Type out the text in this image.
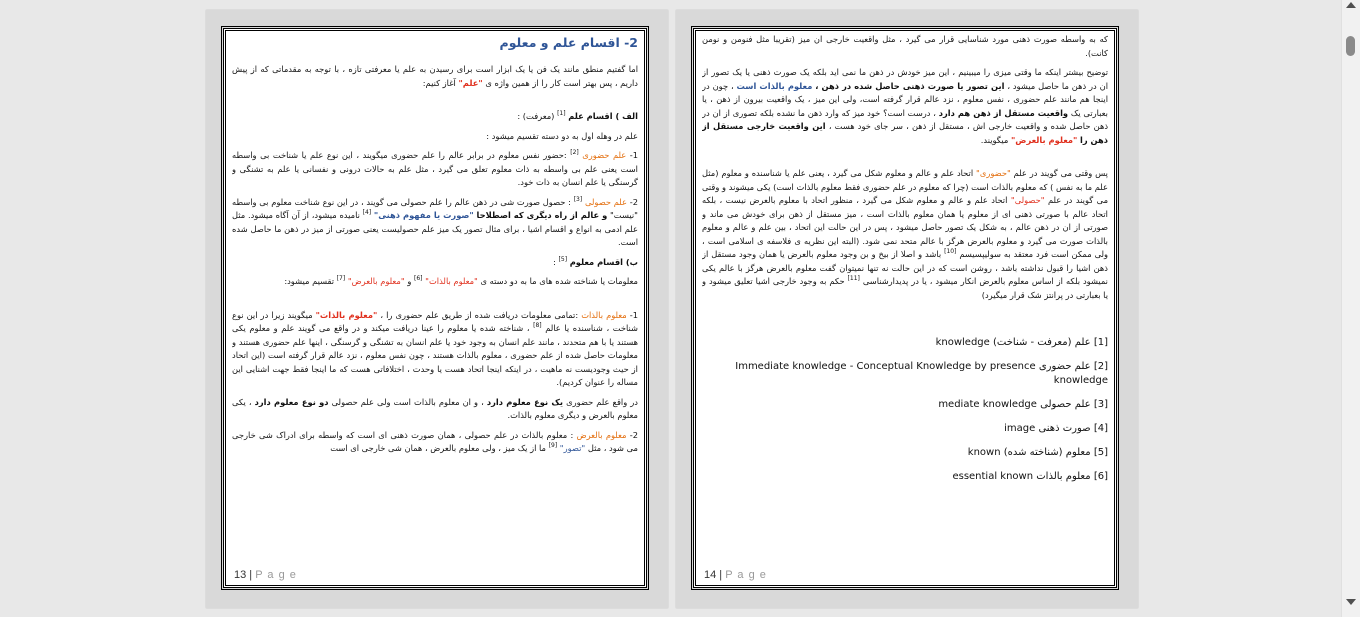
2- اقسام علم و معلوم

اما گفتیم منطق مانند یک فن یا یک ابزار است برای رسیدن به علم یا معرفتی تازه ، با توجه به مقدماتی که از پیش داریم ، پس بهتر است کار را از همین واژه ی "علم" آغاز کنیم:

الف ) اقسام علم [1] (معرفت) :

علم در وهله اول به دو دسته تقسیم میشود :

1- علم حضوری [2] :حضور نفس معلوم در برابر عالم را علم حضوری میگویند ، این نوع علم یا شناخت بی واسطه است یعنی علم بی واسطه به ذات معلوم تعلق می گیرد ، مثل علم به حالات درونی و نفسانی یا علم به تشنگی و گرسنگی یا علم انسان به ذات خود.

2- علم حصولی [3] : حصول صورت شی در ذهن عالم را علم حصولی می گویند ، در این نوع شناخت معلوم بی واسطه "نیست" و عالم از راه دیگری که اصطلاحا "صورت یا مفهوم ذهنی" [4] نامیده میشود، از آن آگاه میشود. مثل علم ادمی به انواع و اقسام اشیا ، برای مثال تصور یک میز علم حصولیست یعنی صورتی از میز در ذهن ما حاصل شده است.

ب) اقسام معلوم [5] :

معلومات یا شناخته شده های ما به دو دسته ی "معلوم بالذات" [6] و "معلوم بالعرض" [7] تقسیم میشود:

1- معلوم بالذات :تمامی معلومات دریافت شده از طریق علم حضوری را ، "معلوم بالذات" میگویند زیرا در این نوع شناخت ، شناسنده یا عالم [8] ، شناخته شده یا معلوم را عینا دریافت میکند و در واقع می گویند علم و معلوم یکی هستند یا با هم متحدند ، مانند علم انسان به وجود خود یا علم انسان به تشنگی و گرسنگی ، اینها علم حضوری هستند و معلومات حاصل شده از علم حضوری ، معلوم بالذات هستند ، چون نفس معلوم ، نزد عالم قرار گرفته است (این اتحاد از حیث وجودیست نه ماهیت ، در اینکه اینجا اتحاد هست یا وحدت ، اختلافاتی هست که ما اینجا فقط جهت اشنایی این مساله را عنوان کردیم).

در واقع علم حضوری یک نوع معلوم دارد ، و ان معلوم بالذات است ولی علم حصولی دو نوع معلوم دارد ، یکی معلوم بالعرض و دیگری معلوم بالذات.

2- معلوم بالعرض : معلوم بالذات در علم حصولی ، همان صورت ذهنی ای است که واسطه برای ادراک شی خارجی می شود ، مثل "تصور" [9] ما از یک میز ، ولی معلوم بالعرض ، همان شی خارجی ای است

13 | P a g e

که به واسطه صورت ذهنی مورد شناسایی قرار می گیرد ، مثل واقعیت خارجی ان میز (تقریبا مثل فنومن و نومن کانت).

توضیح بیشتر اینکه ما وقتی میزی را میبینیم ، این میز خودش در ذهن ما نمی اید بلکه یک صورت ذهنی یا یک تصور از ان در ذهن ما حاصل میشود ، این تصور یا صورت ذهنی حاصل شده در ذهن ، معلوم بالذات است ، چون در اینجا هم مانند علم حضوری ، نفس معلوم ، نزد عالم قرار گرفته است، ولی این میز ، یک واقعیت بیرون از ذهن ، یا بعبارتی یک واقعیت مستقل از ذهن هم دارد ، درست است؟ خود میز که وارد ذهن ما نشده بلکه تصوری از ان در ذهن حاصل شده و واقعیت خارجی اش ، مستقل از ذهن ، سر جای خود هست ، این واقعیت خارجی مستقل از ذهن را "معلوم بالعرض" میگویند.

پس وقتی می گویند در علم "حضوری" اتحاد علم و عالم و معلوم شکل می گیرد ، یعنی علم یا شناسنده و معلوم (مثل علم ما به نفس ) که معلوم بالذات است (چرا که معلوم در علم حضوری فقط معلوم بالذات است) یکی میشوند و وقتی می گویند در علم "حصولی" اتحاد علم و عالم و معلوم شکل می گیرد ، منظور اتحاد با معلوم بالعرض نیست ، بلکه اتحاد عالم با صورتی ذهنی ای از معلوم یا همان معلوم بالذات است ، میز مستقل از ذهن برای خودش می ماند و صورتی از ان در ذهن عالم ، به شکل یک تصور حاصل میشود ، پس در این حالت این اتحاد ، بین علم و عالم و معلوم بالذات صورت می گیرد و معلوم بالعرض هرگز با عالم متحد نمی شود. (البته این نظریه ی فلاسفه ی اسلامی است ، ولی ممکن است فرد معتقد به سولیپسیسم [10] باشد و اصلا از بیخ و بن وجود معلوم بالعرض یا همان وجود مستقل از ذهن اشیا را قبول نداشته باشد ، روشن است که در این حالت نه تنها نمیتوان گفت معلوم بالعرض هرگز با عالم یکی نمیشود بلکه از اساس معلوم بالعرض انکار میشود ، یا در پدیدارشناسی [11] حکم به وجود خارجی اشیا تعلیق میشود و یا بعبارتی در پرانتز شک قرار میگیرد)

[1] علم (معرفت - شناخت) knowledge

[2] علم حضوری Immediate knowledge - Conceptual Knowledge by presence knowledge

[3] علم حصولی mediate knowledge

[4] صورت ذهنی image

[5] معلوم (شناخته شده) known

[6] معلوم بالذات essential known

14 | P a g e
